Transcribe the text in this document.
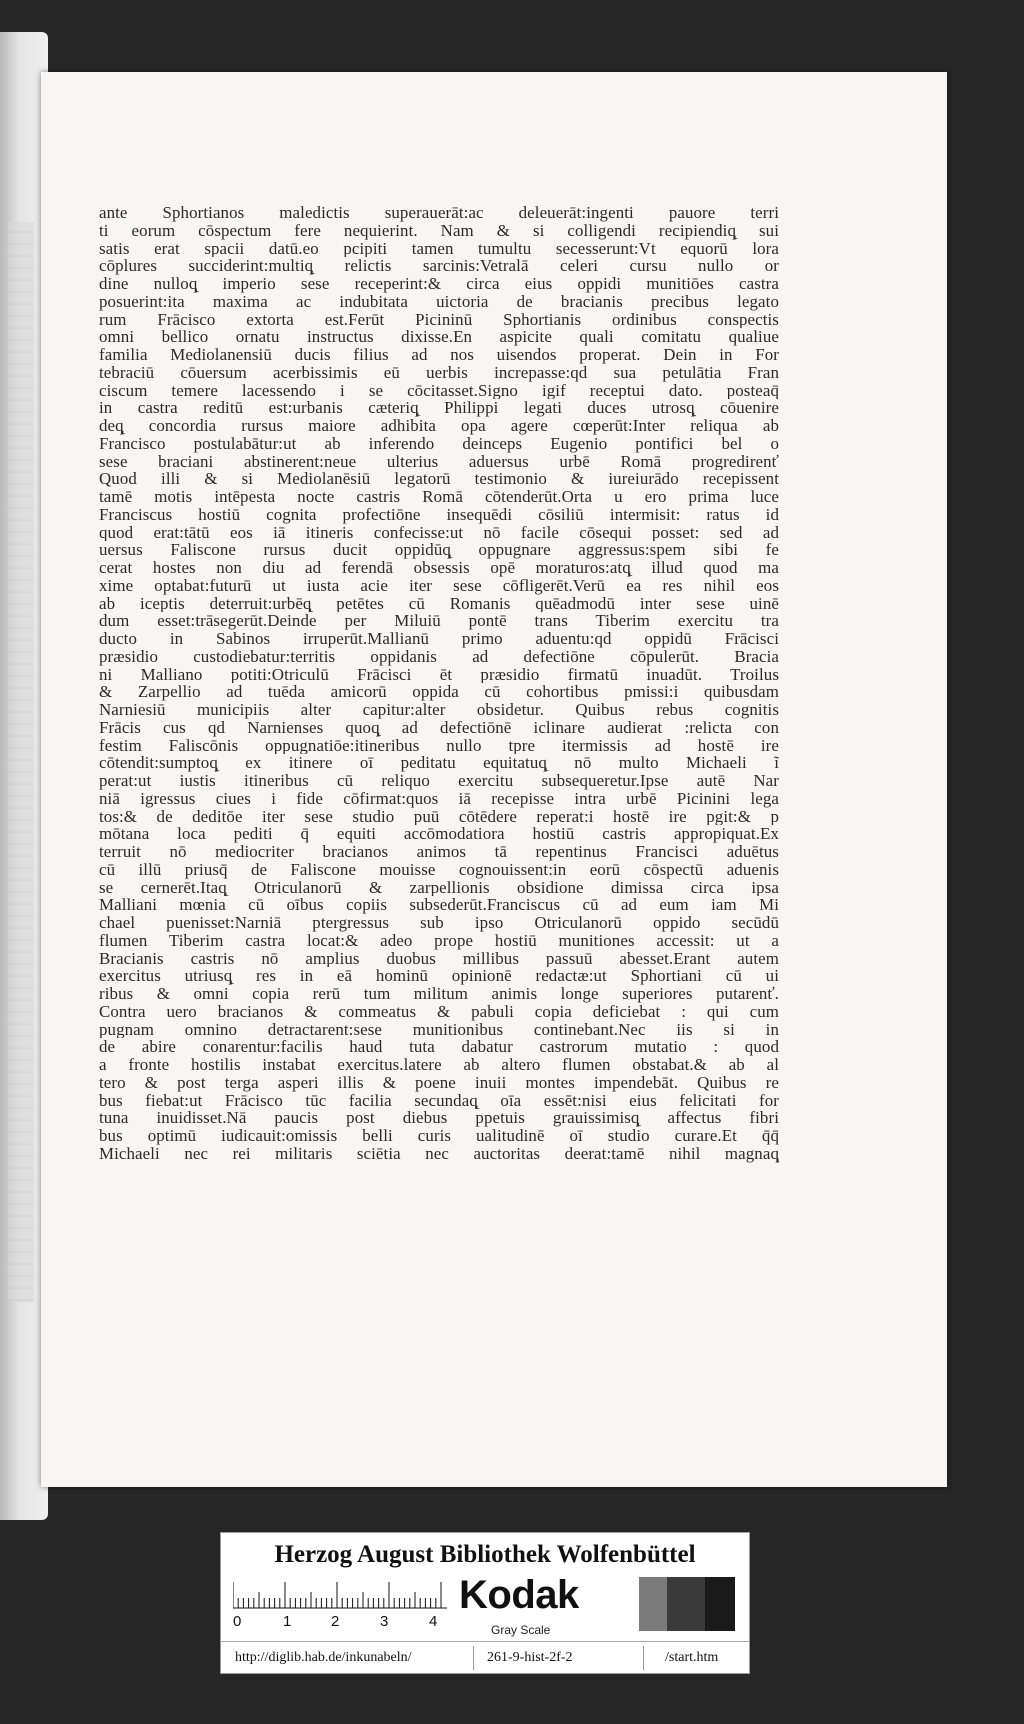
ante Sphortianos maledictis superauerāt:ac deleuerāt:ingenti pauore terri
ti eorum cōspectum fere nequierint. Nam & si colligendi recipiendiq̨ sui
satis erat spacii datū.eo pcipiti tamen tumultu secesserunt:Vt equorū lora
cōplures succiderint:multiq̨ relictis sarcinis:Vetralā celeri cursu nullo or
dine nulloq̨ imperio sese receperint:& circa eius oppidi munitiōes castra
posuerint:ita maxima ac indubitata uictoria de bracianis precibus legato
rum Frācisco extorta est.Ferūt Picininū Sphortianis ordinibus conspectis
omni bellico ornatu instructus dixisse.En aspicite quali comitatu qualiue
familia Mediolanensiū ducis filius ad nos uisendos properat. Dein in For
tebraciū cōuersum acerbissimis eū uerbis increpasse:qd sua petulātia Fran
ciscum temere lacessendo i se cōcitasset.Signo igif receptui dato. posteaq̄
in castra reditū est:urbanis cæteriq̨ Philippi legati duces utrosq̨ cōuenire
deq̨ concordia rursus maiore adhibita opa agere cœperūt:Inter reliqua ab
Francisco postulabātur:ut ab inferendo deinceps Eugenio pontifici bel o
sese braciani abstinerent:neue ulterius aduersus urbē Romā progredirenť
Quod illi & si Mediolanēsiū legatorū testimonio & iureiurādo recepissent
tamē motis intēpesta nocte castris Romā cōtenderūt.Orta u ero prima luce
Franciscus hostiū cognita profectiōne insequēdi cōsiliū intermisit: ratus id
quod erat:tātū eos iā itineris confecisse:ut nō facile cōsequi posset: sed ad
uersus Faliscone rursus ducit oppidūq̨ oppugnare aggressus:spem sibi fe
cerat hostes non diu ad ferendā obsessis opē moraturos:atq̨ illud quod ma
xime optabat:futurū ut iusta acie iter sese cōfligerēt.Verū ea res nihil eos
ab iceptis deterruit:urbēq̨ petētes cū Romanis quēadmodū inter sese uinē
dum esset:trāsegerūt.Deinde per Miluiū pontē trans Tiberim exercitu tra
ducto in Sabinos irruperūt.Mallianū primo aduentu:qd oppidū Frācisci
præsidio custodiebatur:territis oppidanis ad defectiōne cōpulerūt. Bracia
ni Malliano potiti:Otriculū Frācisci ēt præsidio firmatū inuadūt. Troilus
& Zarpellio ad tuēda amicorū oppida cū cohortibus pmissi:i quibusdam
Narniesiū municipiis alter capitur:alter obsidetur. Quibus rebus cognitis
Frācis cus qd Narnienses quoq̨ ad defectiōnē iclinare audierat :relicta con
festim Faliscōnis oppugnatiōe:itineribus nullo tpre itermissis ad hostē ire
cōtendit:sumptoq̨ ex itinere oī peditatu equitatuq̨ nō multo Michaeli ĩ
perat:ut iustis itineribus cū reliquo exercitu subsequeretur.Ipse autē Nar
niā igressus ciues i fide cōfirmat:quos iā recepisse intra urbē Picinini lega
tos:& de deditōe iter sese studio puū cōtēdere reperat:i hostē ire pgit:& p
mōtana loca pediti q̄ equiti accōmodatiora hostiū castris appropiquat.Ex
terruit nō mediocriter bracianos animos tā repentinus Francisci aduētus
cū illū priusq̄ de Faliscone mouisse cognouissent:in eorū cōspectū aduenis
se cernerēt.Itaq̨ Otriculanorū & zarpellionis obsidione dimissa circa ipsa
Malliani mœnia cū oībus copiis subsederūt.Franciscus cū ad eum iam Mi
chael puenisset:Narniā ptergressus sub ipso Otriculanorū oppido secūdū
flumen Tiberim castra locat:& adeo prope hostiū munitiones accessit: ut a
Bracianis castris nō amplius duobus millibus passuū abesset.Erant autem
exercitus utriusq̨ res in eā hominū opinionē redactæ:ut Sphortiani cū ui
ribus & omni copia rerū tum militum animis longe superiores putarenť.
Contra uero bracianos & commeatus & pabuli copia deficiebat : qui cum
pugnam omnino detractarent:sese munitionibus continebant.Nec iis si in
de abire conarentur:facilis haud tuta dabatur castrorum mutatio : quod
a fronte hostilis instabat exercitus.latere ab altero flumen obstabat.& ab al
tero & post terga asperi illis & poene inuii montes impendebāt. Quibus re
bus fiebat:ut Frācisco tūc facilia secundaq̨ oīa essēt:nisi eius felicitati for
tuna inuidisset.Nā paucis post diebus ppetuis grauissimisq̨ affectus fibri
bus optimū iudicauit:omissis belli curis ualitudinē oī studio curare.Et q̄q̄
Michaeli nec rei militaris sciētia nec auctoritas deerat:tamē nihil magnaq̨
Herzog August Bibliothek Wolfenbüttel
0	1	2	3	4
Kodak
Gray Scale
http://diglib.hab.de/inkunabeln/	261-9-hist-2f-2	/start.htm
